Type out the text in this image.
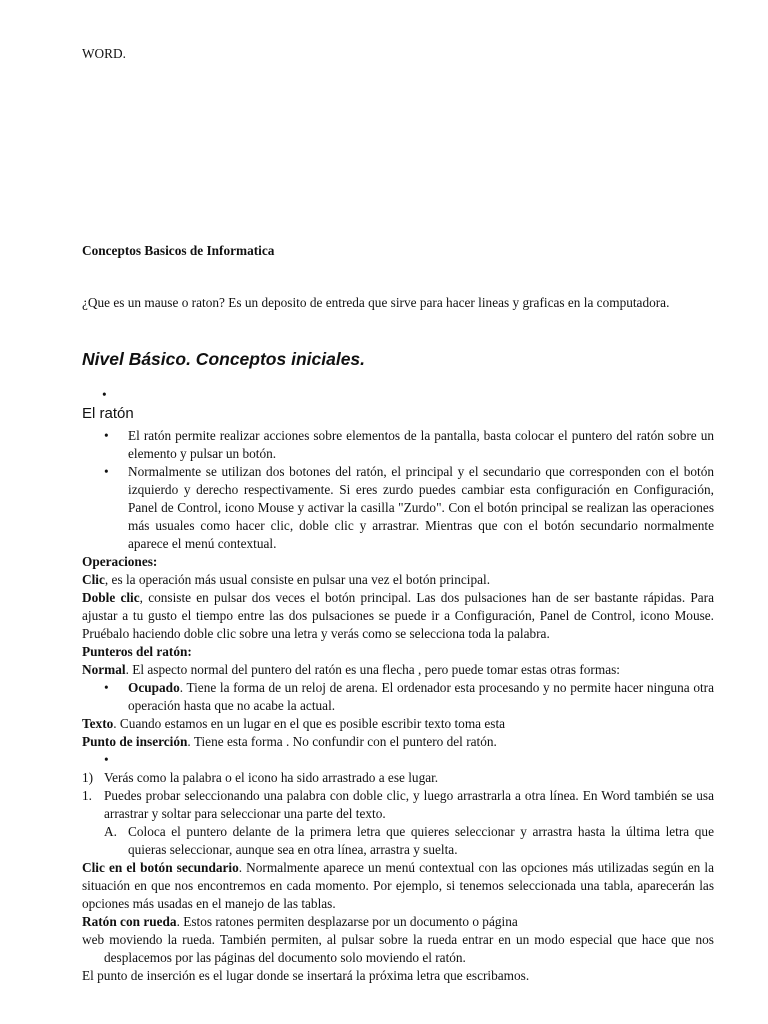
WORD.
Conceptos Basicos de Informatica
¿Que es un mause o raton? Es un deposito de entreda que sirve para hacer lineas y graficas en la computadora.
Nivel Básico. Conceptos iniciales.
•
El ratón
• El ratón permite realizar acciones sobre elementos de la pantalla, basta colocar el puntero del ratón sobre un elemento y pulsar un botón.
• Normalmente se utilizan dos botones del ratón, el principal y el secundario que corresponden con el botón izquierdo y derecho respectivamente. Si eres zurdo puedes cambiar esta configuración en Configuración, Panel de Control, icono Mouse y activar la casilla "Zurdo". Con el botón principal se realizan las operaciones más usuales como hacer clic, doble clic y arrastrar. Mientras que con el botón secundario normalmente aparece el menú contextual.

Operaciones:

Clic, es la operación más usual consiste en pulsar una vez el botón principal.

Doble clic, consiste en pulsar dos veces el botón principal. Las dos pulsaciones han de ser bastante rápidas. Para ajustar a tu gusto el tiempo entre las dos pulsaciones se puede ir a Configuración, Panel de Control, icono Mouse. Pruébalo haciendo doble clic sobre una letra y verás como se selecciona toda la palabra.

Punteros del ratón:

Normal. El aspecto normal del puntero del ratón es una flecha , pero puede tomar estas otras formas:

• Ocupado. Tiene la forma de un reloj de arena. El ordenador esta procesando y no permite hacer ninguna otra operación hasta que no acabe la actual.

Texto. Cuando estamos en un lugar en el que es posible escribir texto toma esta

Punto de inserción. Tiene esta forma . No confundir con el puntero del ratón.

•
1) Verás como la palabra o el icono ha sido arrastrado a ese lugar.
1. Puedes probar seleccionando una palabra con doble clic, y luego arrastrarla a otra línea. En Word también se usa arrastrar y soltar para seleccionar una parte del texto.
A. Coloca el puntero delante de la primera letra que quieres seleccionar y arrastra hasta la última letra que quieras seleccionar, aunque sea en otra línea, arrastra y suelta.

Clic en el botón secundario. Normalmente aparece un menú contextual con las opciones más utilizadas según en la situación en que nos encontremos en cada momento. Por ejemplo, si tenemos seleccionada una tabla, aparecerán las opciones más usadas en el manejo de las tablas.

Ratón con rueda. Estos ratones permiten desplazarse por un documento o página

web moviendo la rueda. También permiten, al pulsar sobre la rueda entrar en un modo especial que hace que nos desplacemos por las páginas del documento solo moviendo el ratón.

El punto de inserción es el lugar donde se insertará la próxima letra que escribamos.
